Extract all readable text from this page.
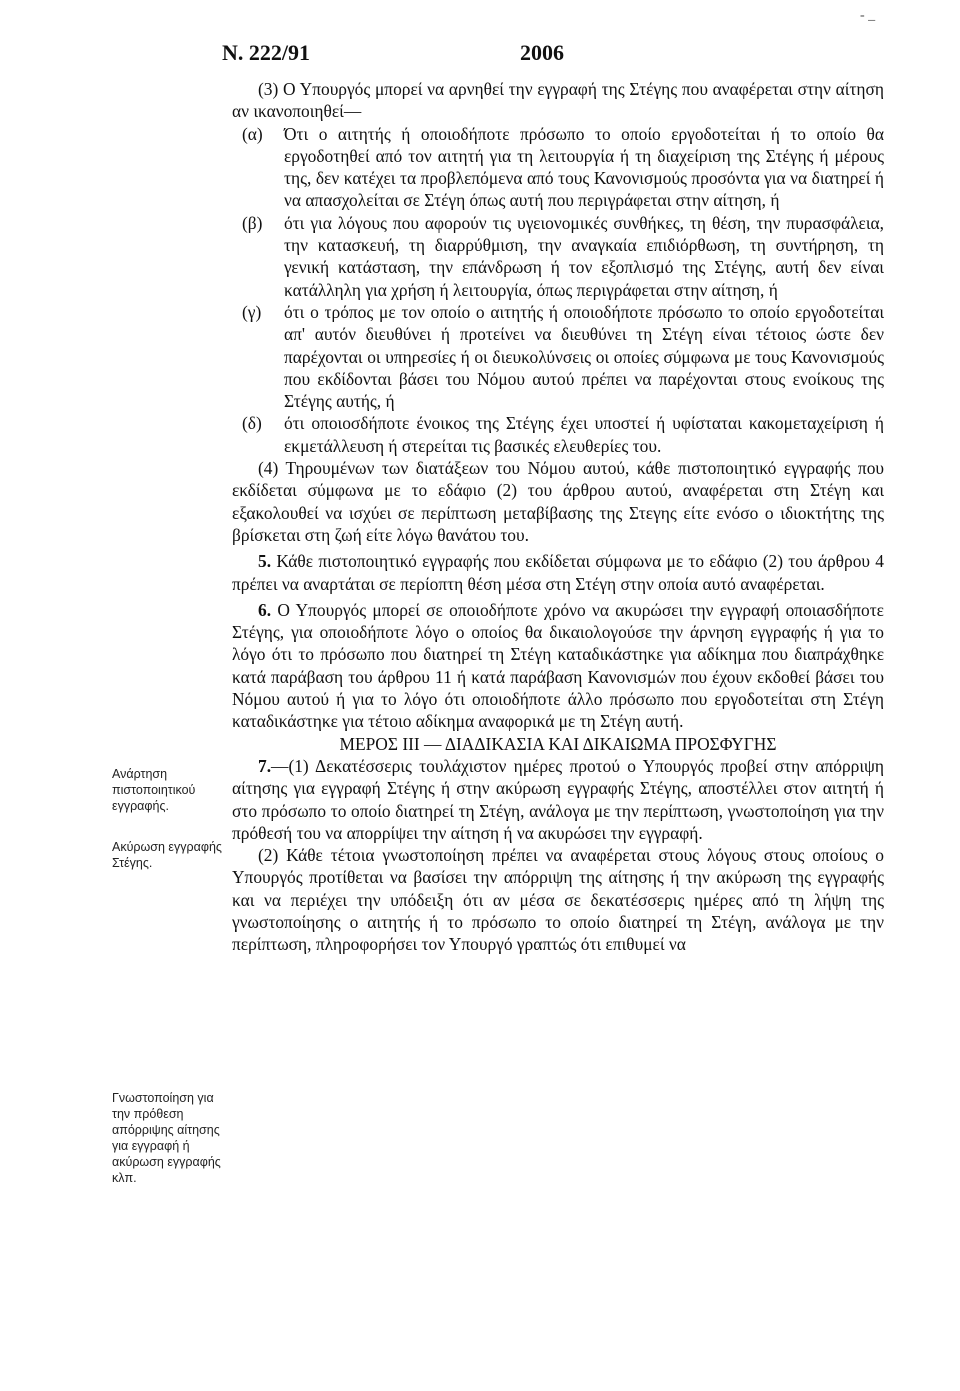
- _
Ν. 222/91	2006
Ανάρτηση πιστοποιητικού εγγραφής.
Ακύρωση εγγραφής Στέγης.
Γνωστοποίηση για την πρόθεση απόρριψης αίτησης για εγγραφή ή ακύρωση εγγραφής κλπ.

(3) Ο Υπουργός μπορεί να αρνηθεί την εγγραφή της Στέγης που αναφέρεται στην αίτηση αν ικανοποιηθεί—

(α)	Ότι ο αιτητής ή οποιοδήποτε πρόσωπο το οποίο εργοδοτείται ή το οποίο θα εργοδοτηθεί από τον αιτητή για τη λειτουργία ή τη διαχείριση της Στέγης ή μέρους της, δεν κατέχει τα προβλεπόμενα από τους Κανονισμούς προσόντα για να διατηρεί ή να απασχολείται σε Στέγη όπως αυτή που περιγράφεται στην αίτηση, ή
(β)	ότι για λόγους που αφορούν τις υγειονομικές συνθήκες, τη θέση, την πυρασφάλεια, την κατασκευή, τη διαρρύθμιση, την αναγκαία επιδιόρθωση, τη συντήρηση, τη γενική κατάσταση, την επάνδρωση ή τον εξοπλισμό της Στέγης, αυτή δεν είναι κατάλληλη για χρήση ή λειτουργία, όπως περιγράφεται στην αίτηση, ή
(γ)	ότι ο τρόπος με τον οποίο ο αιτητής ή οποιοδήποτε πρόσωπο το οποίο εργοδοτείται απ' αυτόν διευθύνει ή προτείνει να διευθύνει τη Στέγη είναι τέτοιος ώστε δεν παρέχονται οι υπηρεσίες ή οι διευκολύνσεις οι οποίες σύμφωνα με τους Κανονισμούς που εκδίδονται βάσει του Νόμου αυτού πρέπει να παρέχονται στους ενοίκους της Στέγης αυτής, ή
(δ)	ότι οποιοσδήποτε ένοικος της Στέγης έχει υποστεί ή υφίσταται κακομεταχείριση ή εκμετάλλευση ή στερείται τις βασικές ελευθερίες του.

(4) Τηρουμένων των διατάξεων του Νόμου αυτού, κάθε πιστοποιητικό εγγραφής που εκδίδεται σύμφωνα με το εδάφιο (2) του άρθρου αυτού, αναφέρεται στη Στέγη και εξακολουθεί να ισχύει σε περίπτωση μεταβίβασης της Στεγης είτε ενόσο ο ιδιοκτήτης της βρίσκεται στη ζωή είτε λόγω θανάτου του.

5. Κάθε πιστοποιητικό εγγραφής που εκδίδεται σύμφωνα με το εδάφιο (2) του άρθρου 4 πρέπει να αναρτάται σε περίοπτη θέση μέσα στη Στέγη στην οποία αυτό αναφέρεται.

6. Ο Υπουργός μπορεί σε οποιοδήποτε χρόνο να ακυρώσει την εγγραφή οποιασδήποτε Στέγης, για οποιοδήποτε λόγο ο οποίος θα δικαιολογούσε την άρνηση εγγραφής ή για το λόγο ότι το πρόσωπο που διατηρεί τη Στέγη καταδικάστηκε για αδίκημα που διαπράχθηκε κατά παράβαση του άρθρου 11 ή κατά παράβαση Κανονισμών που έχουν εκδοθεί βάσει του Νόμου αυτού ή για το λόγο ότι οποιοδήποτε άλλο πρόσωπο που εργοδοτείται στη Στέγη καταδικάστηκε για τέτοιο αδίκημα αναφορικά με τη Στέγη αυτή.

ΜΕΡΟΣ ΙΙΙ — ΔΙΑΔΙΚΑΣΙΑ ΚΑΙ ΔΙΚΑΙΩΜΑ ΠΡΟΣΦΥΓΗΣ

7.—(1) Δεκατέσσερις τουλάχιστον ημέρες προτού ο Υπουργός προβεί στην απόρριψη αίτησης για εγγραφή Στέγης ή στην ακύρωση εγγραφής Στέγης, αποστέλλει στον αιτητή ή στο πρόσωπο το οποίο διατηρεί τη Στέγη, ανάλογα με την περίπτωση, γνωστοποίηση για την πρόθεσή του να απορρίψει την αίτηση ή να ακυρώσει την εγγραφή.

(2) Κάθε τέτοια γνωστοποίηση πρέπει να αναφέρεται στους λόγους στους οποίους ο Υπουργός προτίθεται να βασίσει την απόρριψη της αίτησης ή την ακύρωση της εγγραφής και να περιέχει την υπόδειξη ότι αν μέσα σε δεκατέσσερις ημέρες από τη λήψη της γνωστοποίησης ο αιτητής ή το πρόσωπο το οποίο διατηρεί τη Στέγη, ανάλογα με την περίπτωση, πληροφορήσει τον Υπουργό γραπτώς ότι επιθυμεί να
